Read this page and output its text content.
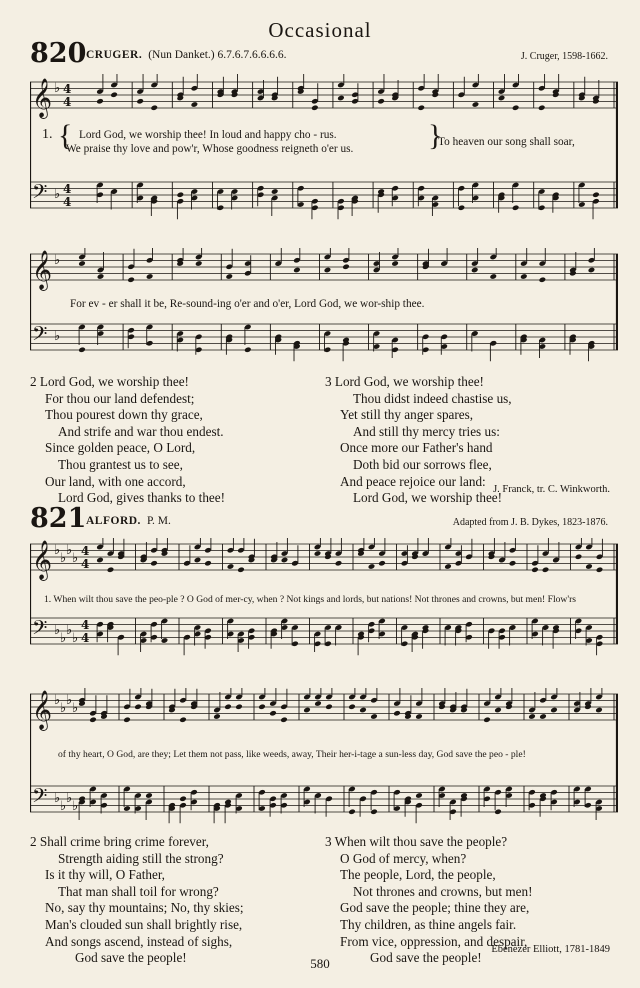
Occasional
820 CRUGER. (Nun Danket.) 6.7.6.7.6.6.6.6.	J. Cruger, 1598-1662.
𝄞 ♭ 4
4
𝄢 ♭ 4
4
1. { Lord God, we worship thee! In loud and happy cho - rus.
We praise thy love and pow'r, Whose goodness reigneth o'er us. }
To heaven our song shall soar,
𝄞 ♭
𝄢 ♭
For ev - er shall it be, Re-sound-ing o'er and o'er, Lord God, we wor-ship thee.
2 Lord God, we worship thee!
For thou our land defendest;
Thou pourest down thy grace,
And strife and war thou endest.
Since golden peace, O Lord,
Thou grantest us to see,
Our land, with one accord,
Lord God, gives thanks to thee!
3 Lord God, we worship thee!
Thou didst indeed chastise us,
Yet still thy anger spares,
And still thy mercy tries us:
Once more our Father's hand
Doth bid our sorrows flee,
And peace rejoice our land:
Lord God, we worship thee!
J. Franck, tr. C. Winkworth.
821 ALFORD. P. M.	Adapted from J. B. Dykes, 1823-1876.
𝄞 ♭
♭
♭
♭ 4
4
𝄢 ♭
♭
♭
♭
4
4
1. When wilt thou save the peo-ple ? O God of mer-cy, when ? Not kings and lords, but nations! Not thrones and crowns, but men! Flow'rs
𝄞 ♭
♭
♭
♭
𝄢 ♭
♭
♭
♭
of thy heart, O God, are they; Let them not pass, like weeds, away, Their her-i-tage a sun-less day, God save the peo - ple!
2 Shall crime bring crime forever,
Strength aiding still the strong?
Is it thy will, O Father,
That man shall toil for wrong?
No, say thy mountains; No, thy skies;
Man's clouded sun shall brightly rise,
And songs ascend, instead of sighs,
God save the people!
3 When wilt thou save the people?
O God of mercy, when?
The people, Lord, the people,
Not thrones and crowns, but men!
God save the people; thine they are,
Thy children, as thine angels fair.
From vice, oppression, and despair,
God save the people!
Ebenezer Elliott, 1781-1849
580
